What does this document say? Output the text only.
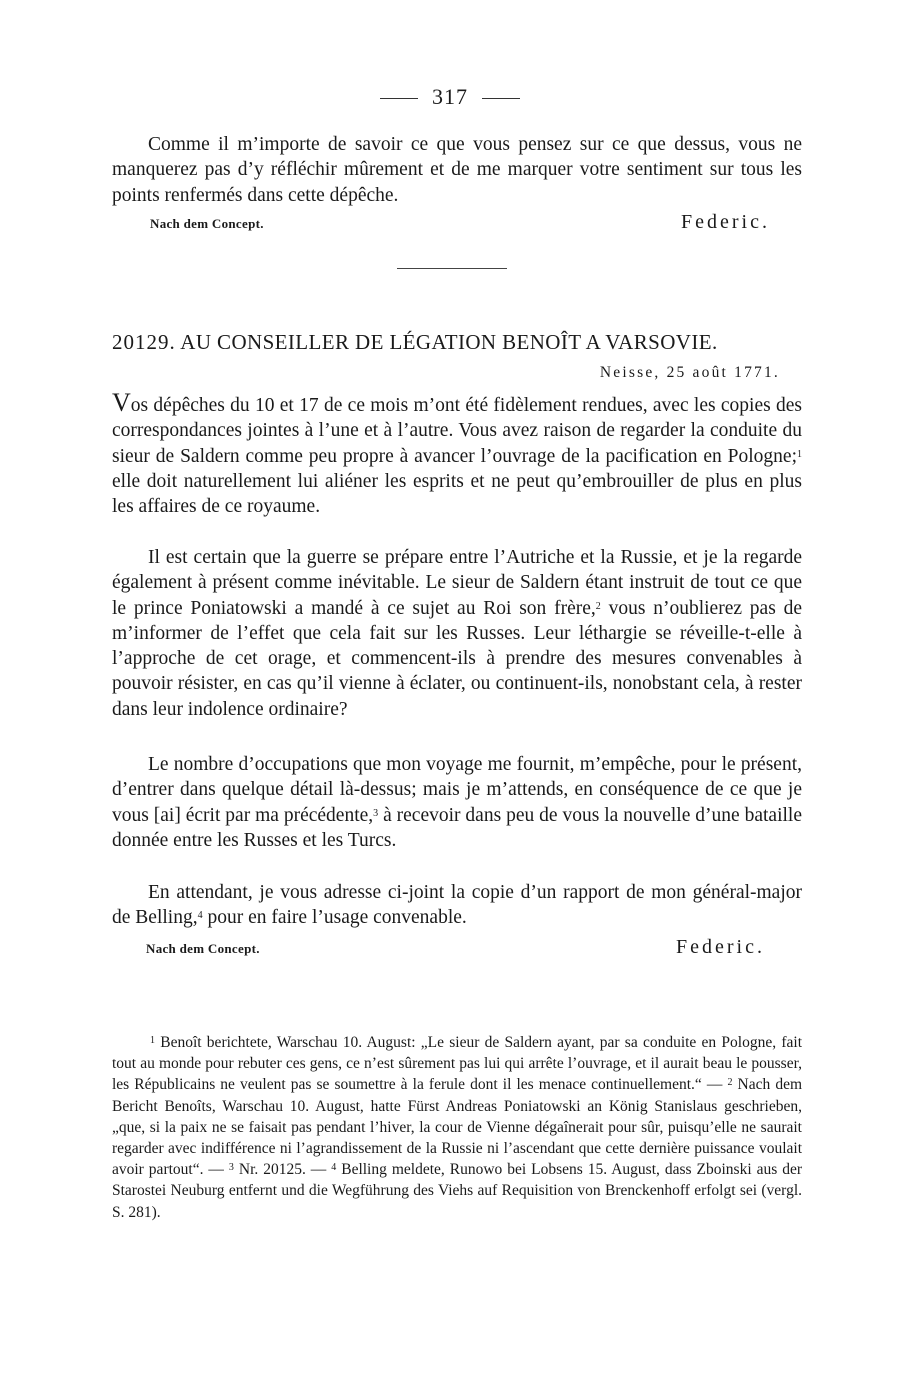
317
Comme il m’importe de savoir ce que vous pensez sur ce que dessus, vous ne manquerez pas d’y réfléchir mûrement et de me marquer votre sentiment sur tous les points renfermés dans cette dépêche.
Nach dem Concept.	Federic.
20129. AU CONSEILLER DE LÉGATION BENOÎT A VARSOVIE.
Neisse, 25 août 1771.
Vos dépêches du 10 et 17 de ce mois m’ont été fidèlement rendues, avec les copies des correspondances jointes à l’une et à l’autre. Vous avez raison de regarder la conduite du sieur de Saldern comme peu propre à avancer l’ouvrage de la pacification en Pologne;$^1$ elle doit naturellement lui aliéner les esprits et ne peut qu’embrouiller de plus en plus les affaires de ce royaume.
Il est certain que la guerre se prépare entre l’Autriche et la Russie, et je la regarde également à présent comme inévitable. Le sieur de Saldern étant instruit de tout ce que le prince Poniatowski a mandé à ce sujet au Roi son frère,$^2$ vous n’oublierez pas de m’informer de l’effet que cela fait sur les Russes. Leur léthargie se réveille-t-elle à l’approche de cet orage, et commencent-ils à prendre des mesures convenables à pouvoir résister, en cas qu’il vienne à éclater, ou continuent-ils, nonobstant cela, à rester dans leur indolence ordinaire?
Le nombre d’occupations que mon voyage me fournit, m’empêche, pour le présent, d’entrer dans quelque détail là-dessus; mais je m’attends, en conséquence de ce que je vous [ai] écrit par ma précédente,$^3$ à recevoir dans peu de vous la nouvelle d’une bataille donnée entre les Russes et les Turcs.
En attendant, je vous adresse ci-joint la copie d’un rapport de mon général-major de Belling,$^4$ pour en faire l’usage convenable.
Nach dem Concept.	Federic.
$^1$ Benoît berichtete, Warschau 10. August: „Le sieur de Saldern ayant, par sa conduite en Pologne, fait tout au monde pour rebuter ces gens, ce n’est sûrement pas lui qui arrête l’ouvrage, et il aurait beau le pousser, les Républicains ne veulent pas se soumettre à la ferule dont il les menace continuellement.“ — $^2$ Nach dem Bericht Benoîts, Warschau 10. August, hatte Fürst Andreas Poniatowski an König Stanislaus geschrieben, „que, si la paix ne se faisait pas pendant l’hiver, la cour de Vienne dégaînerait pour sûr, puisqu’elle ne saurait regarder avec indifférence ni l’agrandissement de la Russie ni l’ascendant que cette dernière puissance voulait avoir partout“. — $^3$ Nr. 20125. — $^4$ Belling meldete, Runowo bei Lobsens 15. August, dass Zboinski aus der Starostei Neuburg entfernt und die Wegführung des Viehs auf Requisition von Brenckenhoff erfolgt sei (vergl. S. 281).
